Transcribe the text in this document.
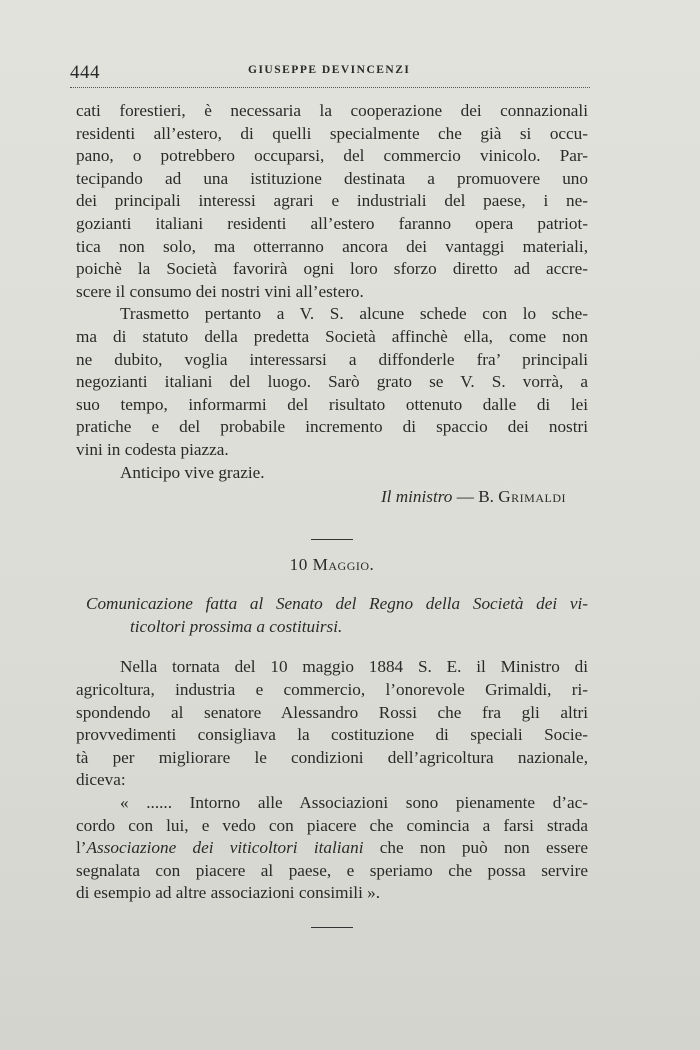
444	GIUSEPPE DEVINCENZI
cati forestieri, è necessaria la cooperazione dei connazionali
residenti all’estero, di quelli specialmente che già si occu-
pano, o potrebbero occuparsi, del commercio vinicolo. Par-
tecipando ad una istituzione destinata a promuovere uno
dei principali interessi agrari e industriali del paese, i ne-
gozianti italiani residenti all’estero faranno opera patriot-
tica non solo, ma otterranno ancora dei vantaggi materiali,
poichè la Società favorirà ogni loro sforzo diretto ad accre-
scere il consumo dei nostri vini all’estero.
Trasmetto pertanto a V. S. alcune schede con lo sche-
ma di statuto della predetta Società affinchè ella, come non
ne dubito, voglia interessarsi a diffonderle fra’ principali
negozianti italiani del luogo. Sarò grato se V. S. vorrà, a
suo tempo, informarmi del risultato ottenuto dalle di lei
pratiche e del probabile incremento di spaccio dei nostri
vini in codesta piazza.
Anticipo vive grazie.
Il ministro — B. Grimaldi
10 Maggio.
Comunicazione fatta al Senato del Regno della Società dei vi-
ticoltori prossima a costituirsi.
Nella tornata del 10 maggio 1884 S. E. il Ministro di
agricoltura, industria e commercio, l’onorevole Grimaldi, ri-
spondendo al senatore Alessandro Rossi che fra gli altri
provvedimenti consigliava la costituzione di speciali Socie-
tà per migliorare le condizioni dell’agricoltura nazionale,
diceva:
« ...... Intorno alle Associazioni sono pienamente d’ac-
cordo con lui, e vedo con piacere che comincia a farsi strada
l’Associazione dei viticoltori italiani che non può non essere
segnalata con piacere al paese, e speriamo che possa servire
di esempio ad altre associazioni consimili ».
